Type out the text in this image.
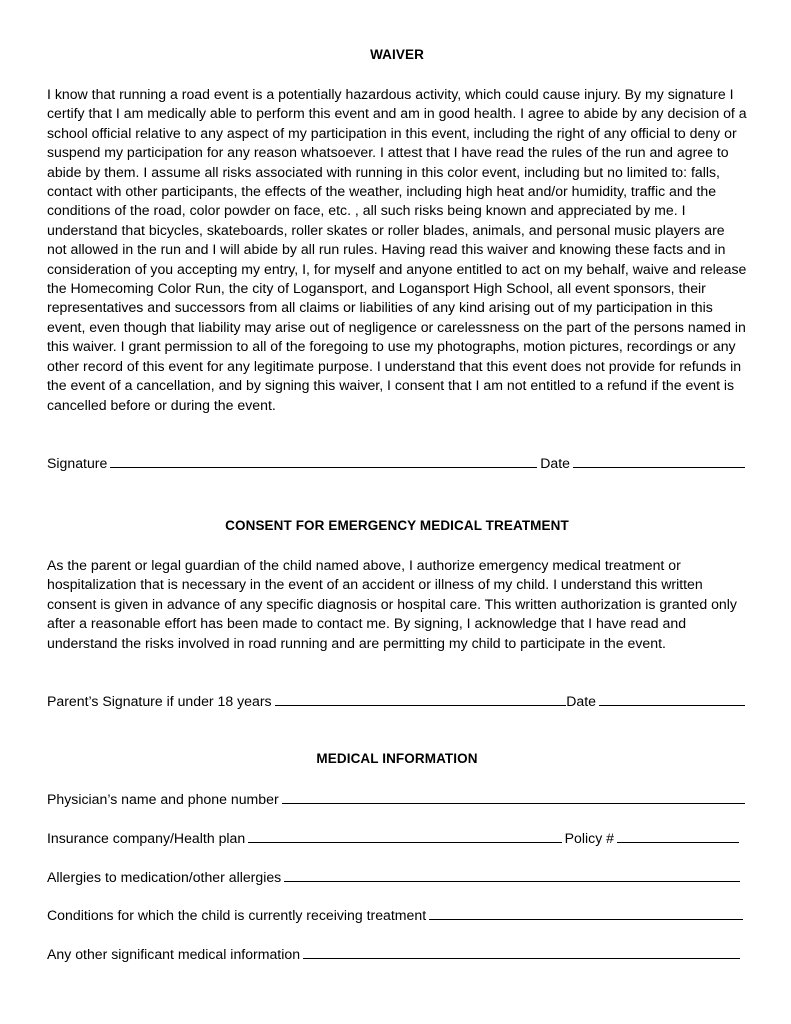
WAIVER

I know that running a road event is a potentially hazardous activity, which could cause injury. By my signature I certify that I am medically able to perform this event and am in good health. I agree to abide by any decision of a school official relative to any aspect of my participation in this event, including the right of any official to deny or suspend my participation for any reason whatsoever. I attest that I have read the rules of the run and agree to abide by them. I assume all risks associated with running in this color event, including but no limited to: falls, contact with other participants, the effects of the weather, including high heat and/or humidity, traffic and the conditions of the road, color powder on face, etc. , all such risks being known and appreciated by me. I understand that bicycles, skateboards, roller skates or roller blades, animals, and personal music players are not allowed in the run and I will abide by all run rules. Having read this waiver and knowing these facts and in consideration of you accepting my entry, I, for myself and anyone entitled to act on my behalf, waive and release the Homecoming Color Run, the city of Logansport, and Logansport High School, all event sponsors, their representatives and successors from all claims or liabilities of any kind arising out of my participation in this event, even though that liability may arise out of negligence or carelessness on the part of the persons named in this waiver. I grant permission to all of the foregoing to use my photographs, motion pictures, recordings or any other record of this event for any legitimate purpose. I understand that this event does not provide for refunds in the event of a cancellation, and by signing this waiver, I consent that I am not entitled to a refund if the event is cancelled before or during the event.

Signature	Date
CONSENT FOR EMERGENCY MEDICAL TREATMENT

As the parent or legal guardian of the child named above, I authorize emergency medical treatment or hospitalization that is necessary in the event of an accident or illness of my child. I understand this written consent is given in advance of any specific diagnosis or hospital care. This written authorization is granted only after a reasonable effort has been made to contact me. By signing, I acknowledge that I have read and understand the risks involved in road running and are permitting my child to participate in the event.

Parent’s Signature if under 18 years	Date
MEDICAL INFORMATION
Physician’s name and phone number
Insurance company/Health plan	Policy #
Allergies to medication/other allergies
Conditions for which the child is currently receiving treatment
Any other significant medical information
